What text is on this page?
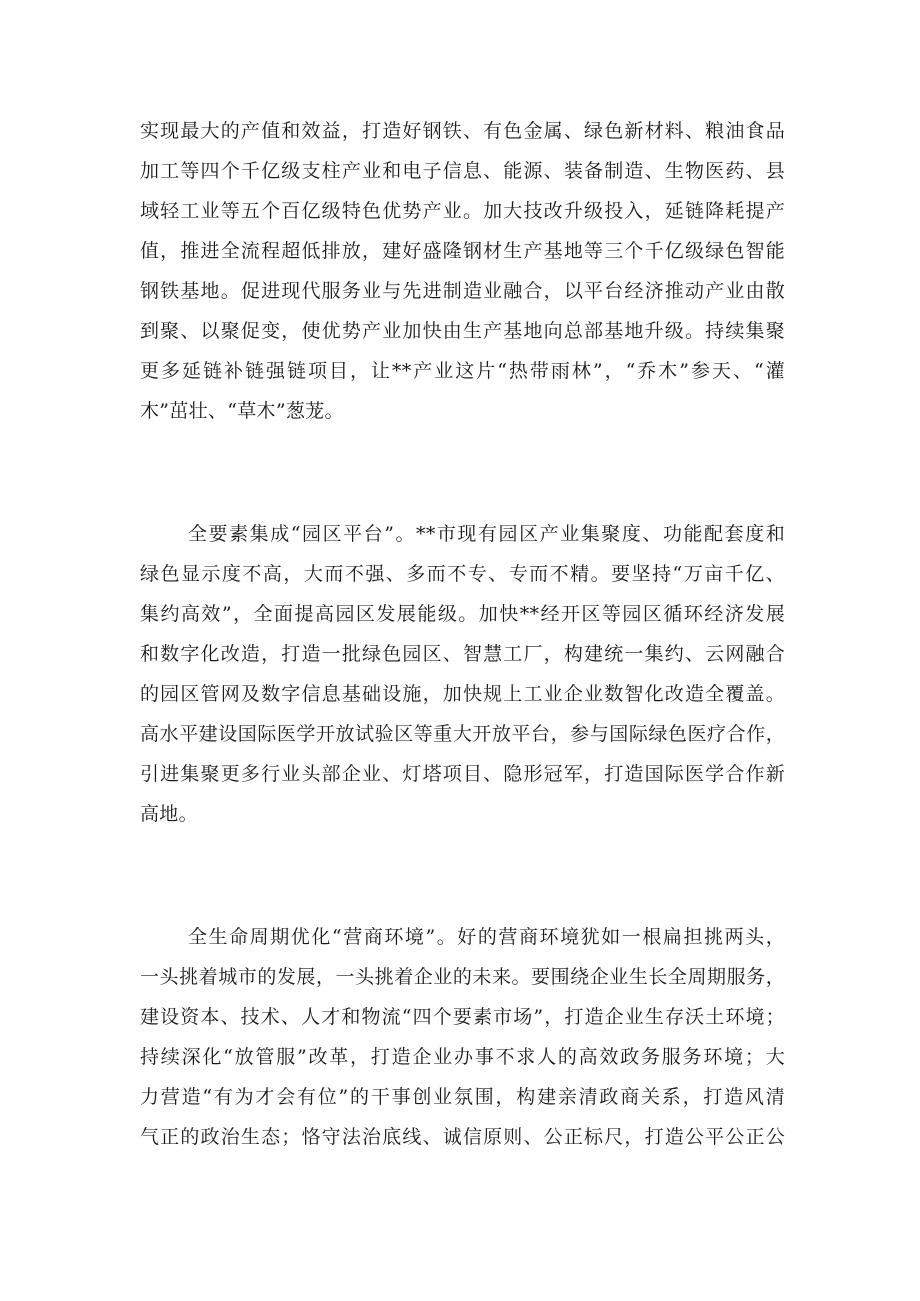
实现最大的产值和效益，打造好钢铁、有色金属、绿色新材料、粮油食品
加工等四个千亿级支柱产业和电子信息、能源、装备制造、生物医药、县
域轻工业等五个百亿级特色优势产业。加大技改升级投入，延链降耗提产
值，推进全流程超低排放，建好盛隆钢材生产基地等三个千亿级绿色智能
钢铁基地。促进现代服务业与先进制造业融合，以平台经济推动产业由散
到聚、以聚促变，使优势产业加快由生产基地向总部基地升级。持续集聚
更多延链补链强链项目，让**产业这片“热带雨林”，“乔木”参天、“灌
木”茁壮、“草木”葱茏。
全要素集成“园区平台”。**市现有园区产业集聚度、功能配套度和
绿色显示度不高，大而不强、多而不专、专而不精。要坚持“万亩千亿、
集约高效”，全面提高园区发展能级。加快**经开区等园区循环经济发展
和数字化改造，打造一批绿色园区、智慧工厂，构建统一集约、云网融合
的园区管网及数字信息基础设施，加快规上工业企业数智化改造全覆盖。
高水平建设国际医学开放试验区等重大开放平台，参与国际绿色医疗合作，
引进集聚更多行业头部企业、灯塔项目、隐形冠军，打造国际医学合作新
高地。
全生命周期优化“营商环境”。好的营商环境犹如一根扁担挑两头，
一头挑着城市的发展，一头挑着企业的未来。要围绕企业生长全周期服务，
建设资本、技术、人才和物流“四个要素市场”，打造企业生存沃土环境；
持续深化“放管服”改革，打造企业办事不求人的高效政务服务环境；大
力营造“有为才会有位”的干事创业氛围，构建亲清政商关系，打造风清
气正的政治生态；恪守法治底线、诚信原则、公正标尺，打造公平公正公
